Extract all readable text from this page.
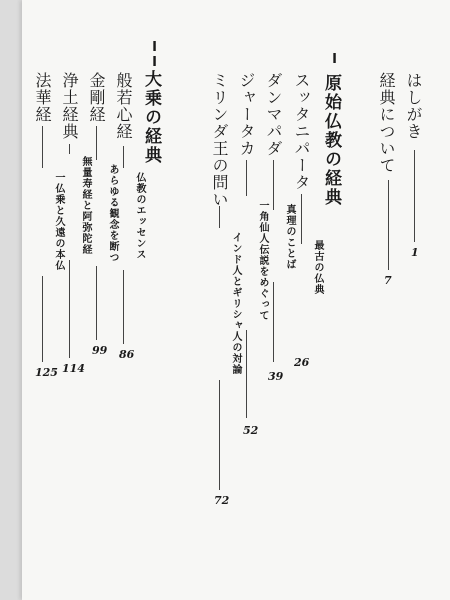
はしがき
1
経典について
7
I
原始仏教の経典
スッタニパータ
最古の仏典
26
ダンマパダ
真理のことば
39
ジャータカ
一角仙人伝説をめぐって
52
ミリンダ王の問い
インド人とギリシャ人の対論
72
II
大乗の経典
般若心経
仏教のエッセンス
86
金剛経
あらゆる観念を断つ
99
浄土経典
無量寿経と阿弥陀経
114
法華経
一仏乗と久遠の本仏
125
